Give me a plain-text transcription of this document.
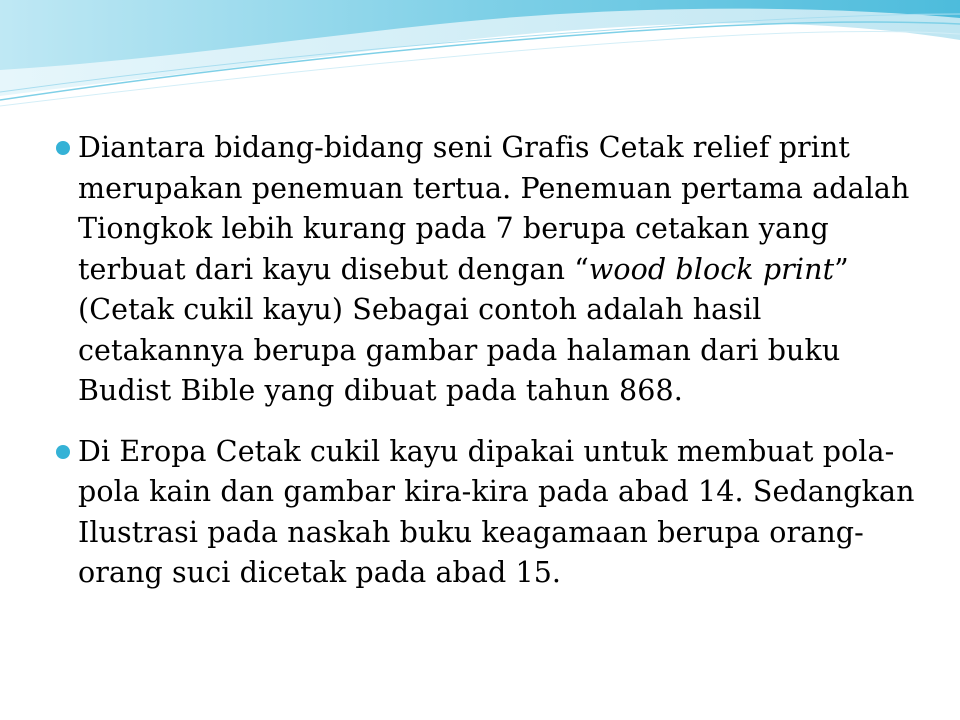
Diantara bidang-bidang seni Grafis Cetak relief print merupakan penemuan tertua. Penemuan pertama adalah Tiongkok lebih kurang pada 7 berupa cetakan yang terbuat dari kayu disebut dengan “wood block print” (Cetak cukil kayu) Sebagai contoh adalah hasil cetakannya berupa gambar pada halaman dari buku Budist Bible yang dibuat pada tahun 868.
Di Eropa Cetak cukil kayu dipakai untuk membuat pola-pola kain dan gambar kira-kira pada abad 14. Sedangkan Ilustrasi pada naskah buku keagamaan berupa orang-orang suci dicetak pada abad 15.
